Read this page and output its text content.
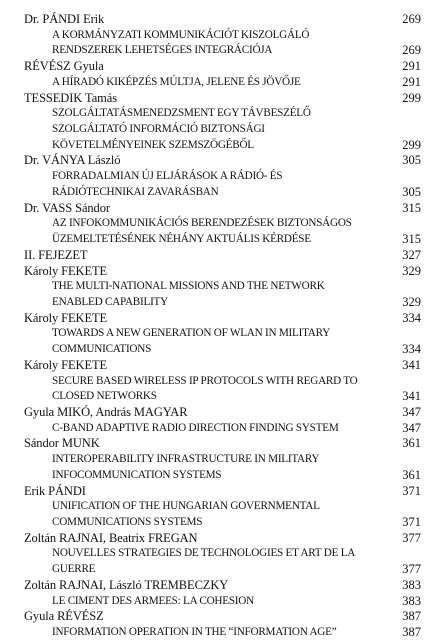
Dr. PÁNDI Erik	269
A KORMÁNYZATI KOMMUNIKÁCIÓT KISZOLGÁLÓ
RENDSZEREK LEHETSÉGES INTEGRÁCIÓJA	269
RÉVÉSZ Gyula	291
A HÍRADÓ KIKÉPZÉS MÚLTJA, JELENE ÉS JÖVŐJE	291
TESSEDIK Tamás	299
SZOLGÁLTATÁSMENEDZSMENT EGY TÁVBESZÉLŐ
SZOLGÁLTATÓ INFORMÁCIÓ BIZTONSÁGI
KÖVETELMÉNYEINEK SZEMSZÖGÉBŐL	299
Dr. VÁNYA László	305
FORRADALMIAN ÚJ ELJÁRÁSOK A RÁDIÓ- ÉS
RÁDIÓTECHNIKAI ZAVARÁSBAN	305
Dr. VASS Sándor	315
AZ INFOKOMMUNIKÁCIÓS BERENDEZÉSEK BIZTONSÁGOS
ÜZEMELTETÉSÉNEK NÉHÁNY AKTUÁLIS KÉRDÉSE	315
II. FEJEZET	327
Károly FEKETE	329
THE MULTI-NATIONAL MISSIONS AND THE NETWORK
ENABLED CAPABILITY	329
Károly FEKETE	334
TOWARDS A NEW GENERATION OF WLAN IN MILITARY
COMMUNICATIONS	334
Károly FEKETE	341
SECURE BASED WIRELESS IP PROTOCOLS WITH REGARD TO
CLOSED NETWORKS	341
Gyula MIKÓ, András MAGYAR	347
C-BAND ADAPTIVE RADIO DIRECTION FINDING SYSTEM	347
Sándor MUNK	361
INTEROPERABILITY INFRASTRUCTURE IN MILITARY
INFOCOMMUNICATION SYSTEMS	361
Erik PÁNDI	371
UNIFICATION OF THE HUNGARIAN GOVERNMENTAL
COMMUNICATIONS SYSTEMS	371
Zoltán RAJNAI, Beatrix FREGAN	377
NOUVELLES STRATEGIES DE TECHNOLOGIES ET ART DE LA
GUERRE	377
Zoltán RAJNAI, László TREMBECZKY	383
LE CIMENT DES ARMEES: LA COHESION	383
Gyula RÉVÉSZ	387
INFORMATION OPERATION IN THE “INFORMATION AGE”	387
